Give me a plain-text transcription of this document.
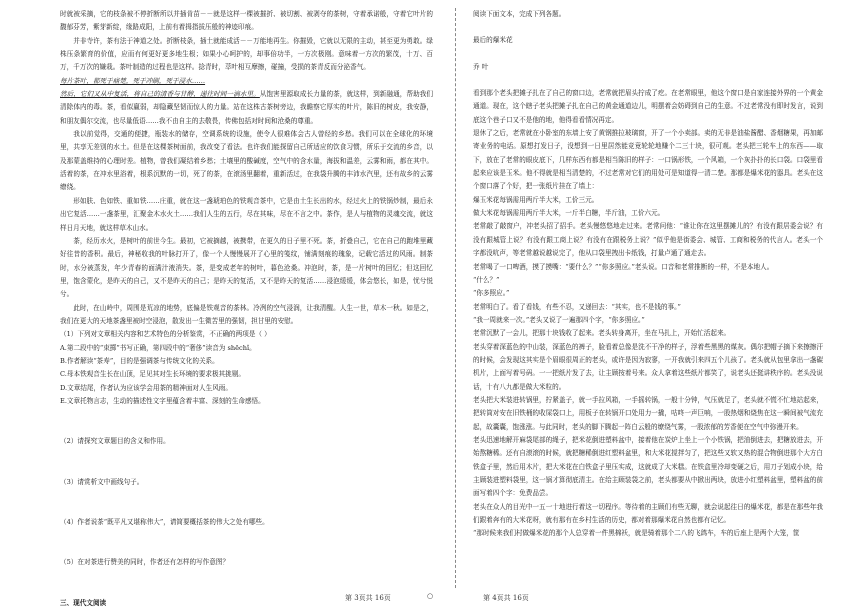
时就被采摘，它的枝条被不停折断所以并插肯苗－－就是这样一棵被摧折、被切割、被剥夺的茶树，守着承诺般，守着它叶片的馥郁芬芳，紫芽新绽，缘路成阳，上前有着拇指拔压般的神迹印痕。

并非寺许，茶有法于神道之处。折断枝条，插土就能成活－－万能地再生。你摧毁，它就以无限的主动，甚至更为勇敢。绿株压条繁育的价值，应而有何更好更多地生根；如果小心呵护的，却事倍功半，一方次极刚。意味着一方次的繁茂，十万、百万，千万次的嫌栽。茶叶制造的过程也是这样。捻青时，萃叶相互摩擦，碰撞，受损的茶青反而分泌香气。

每片茶叶，都死于痛楚，死于冲刷，死于浸水……

然后，它们又从中复活，将自己的清香与甘醇，递往时间一滴水里。从饱害里源取成长力量的茶，就这样，到新融通，帮助我们清除体内的毒。茶，看似赢弱，却隐藏坚韧而惊人的力量。站在这株古茶树旁边，我瞻察它厚实的叶片，陈旧的树皮，我安静，和朋友偶尔交流，也尽量低语……我不由自主的去敬畏，传佛包括对时间和沧桑的尊重。

我以前觉得，交通的便捷，瓶装水的储存，空调系统的设施，使令人很难体会古人曾经的乡愁。我们可以在全球化的环境里，共享无差别的水土。但是在这棵茶树面前，我改变了看法。也许我们能探留自己所适应的饮食习惯，所乐于交流的乡音，以及那蒙盖维持的心理时差。植物，曾我们凝结着乡愁；土壤里的酸碱度，空气中的含水量，海拔和温差，云雾和雨，都在其中。活着的茶，在冲水里浴着，根系沉默的一切，死了的茶，在滚汤里翻着，重新活过，在我袋升腾的丰沛水汽里，还有故乡的云雾缭绕。

形如肤、色如铁、重如铁……庄重，就在这一盏琥珀色的铁观音茶中，它是由土生长出的水，经过火上的铁锅炒制，最后永出它复活……一盏茶里，汇聚金木水火土……我们人生的五行，尽在其味，尽在不言之中。茶作，是人与植物的灵魂交流，就这样日月天地，就这样草木山水。

茶，经历水火，是树叶的前世今生。最初，它被摘越，被携带，在更久的日子里不死。茶，折叠自己，它在自己的跑堆里藏好往昔的香积。最后，神秘收我的叶脉打开了，像一个人慢慢展开了心里的笺纹，铺满刻痕的瑰象，记载它活过的风雨。制茶时，水分被蒸发，年少青春的面满汁液消失。茶，是变成老年的树叶，暮色沧桑。冲泡时，茶，是一片树叶的回忆；但这回忆里，饱含蒙化，是昨天的自己，又不是昨天的自己；是昨天的复活，又不是昨天的复活……浸泡缓缓，体会悠长，如是，忧兮悦兮。

此时，在山岭中，周围是荒凉的地势，底偏是铁观音的茶林。冷冽的空气浸润，让我清醒。人生一世，草木一秋。如是之，我们在更大的天地茶盏里被时空浸泡，散发出一生微苦里的强韧，担甘里的安慰。

（1）下列对文章相关内容和艺术特色的分析鉴赏，不正确的两项是（ ）

A.第二段中的“束掷”书写正确，第四段中的“奢侈”读音为 shēchǐ。

B.作者解读“茶寿”，目的是强调茶与传统文化的关系。

C.母本铁观音生长在山顶，足见其对生长环境的要求极其挑剔。

D.文章结尾，作者认为应该学会用茶的精神面对人生风雨。

E.文章托物言志，生动的描述性文字里蕴含着丰富、深刻的生命感悟。

（2）请探究文章题目的含义和作用。

（3）请赏析文中画线句子。

（4）作者说茶“既平凡又堪称伟大”，请简要概括茶的伟大之处有哪些。

（5）在对茶进行赞美的同时，作者还有怎样的写作意图？

三、现代文阅读

阅读下面文本，完成下列各题。

最后的爆米花

乔 叶

看到那个老头把摊子扎在了自己的窗口边，老常就把眉头拧成了疙。在老常眼里，他这个窗口是自家连接外界的一个黄金通道。现在，这个瞎子老头把摊子扎在自己的黄金通道边儿，明摆着会妨碍到自己的生意。不过老常没有即时发言，说到底这个巷子口又不是他的地，他得看看情况再定。

退休了之后，老常就在小卧室的东墙上安了黄钢推拉玻璃窗，开了一个小卖部。卖的无非是油盐酱醋、香烟糖果，再加邮寄业务的电话。原想打发日子，没想到一日里居然能竞竟轮轮地赚个二三十块，很可观。老头把三轮车上的东西——取下，放在了老常的眼皮底下，几样东西有都是相当陈旧的样子：一口锅形铁，一个风箱，一个灰扑扑的长口袋。口袋里看起来应该是玉米。他不得就是相当清楚的，不过老常对它们的用处可是知道得一清二楚。那都是爆米花的器具。老头在这个窗口落了个好，把一张纸片挂在了墙上：

爆玉米花每锅需用两斤半大米，工价三元。

做大米花每锅需用两斤半大米，一斤半白糖，半斤油，工价六元。

老常敲了敲窗户，冲老头招了招手。老头慢悠悠地走过来。老常问他：“谁让你在这里摆摊儿的？有没有跟居委会说？有没有跟城管上说？有没有跟工商上说？有没有在跟税务上说？”似乎他是街委会、城管、工商和税务的代言人。老头一个字都没吭声，等老常越说越说完了，他从口袋里拽出卡纸钱，打量卢通了通走去。

老常喝了一口啤酒，摸了摸嘴：“要什么？”“你多照应。”老头说。口音和老常推断的一样，不是本地人。

“什么？”

“你多照应。”

老常明白了。看了看钱，有些不忍，又递回去：“其实，也不是钱的事。”

“我一周就来一次。”老头又说了一遍那四个字，“你多照应。”

老常沉默了一会儿，把那十块钱收了起来。老头转身离开，坐在马扎上，开始忙活起来。

老头穿着深蓝色的中山装，深蓝色的裤子，脸看着总像是洗不干净的样子，浮着些黑黑的煤灰。偶尔把帽子摘下来擦擦汗的时候，会发现这其实是个眉眼很周正的老头，或许是因为寂寥，一开我就引来四五个儿孩了。老头就从包里拿出一盏碳机片，上面写着号码。一一把纸片发了去，让主顾按着号来。众人拿着这些纸片都笑了，说老头还挺讲秩序的。老头没说话，十有八九都是做大米粒的。

老头把大米装进转锅里，拧紧盖子，就一手拉风箱，一手摇转锅，一般十分钟，气压就足了，老头就不慌不忙地站起来，把转筒对安在旧铁桶的收屎袋口上，用板子在转锅开口处用力一撬，咕咚一声巨响，一股热烟和烧焦在这一瞬间被气流充起，故囊囊，饱涨涨。与此同时，老头的脚下腾起一阵白云般的缭绕气雾，一股浓郁的芳香便在空气中弥漫开来。

老头迅速地解开麻袋尾部的绳子，把米花倒进塑料盆中，接着他在炭炉上坐上一个小铁锅，把油倒进去，把糖放进去，开始熬糖稀。还有自滚滚的时候，就把糖稀倒进红塑料盆里，和大米花搅拌匀了，把这些又软又热的混合物倒进那个大方白铁盒子里，然后用木片，把大米花在白铁盒子里压实成，这就成了大米糕。在铁盒里冷却变硬之后，用刀子划成小块，给主顾装进塑料袋里，这一锅才算彻底清主。在给主顾装袋之前，老头都要从中掀出两块，放进小红塑料盆里，塑料盆的前面写着四个字：免费品尝。

老头在众人的目光中一五一十地进行着这一切程序。等待着的主顾们有些无聊，就会说起往日的爆米花，都是在那些年我们跟着奔有的大米花呀，就有那有在乡村生活的历史，都对着那爆米花自然也都有记忆。

“那时候来我们村做爆米花的那个人总穿着一件黑棉袄，就是骑着那个二八的飞鸽车，车的后座上是两个大笼，筐

第 3页共 16页	○	第 4页共 16页
